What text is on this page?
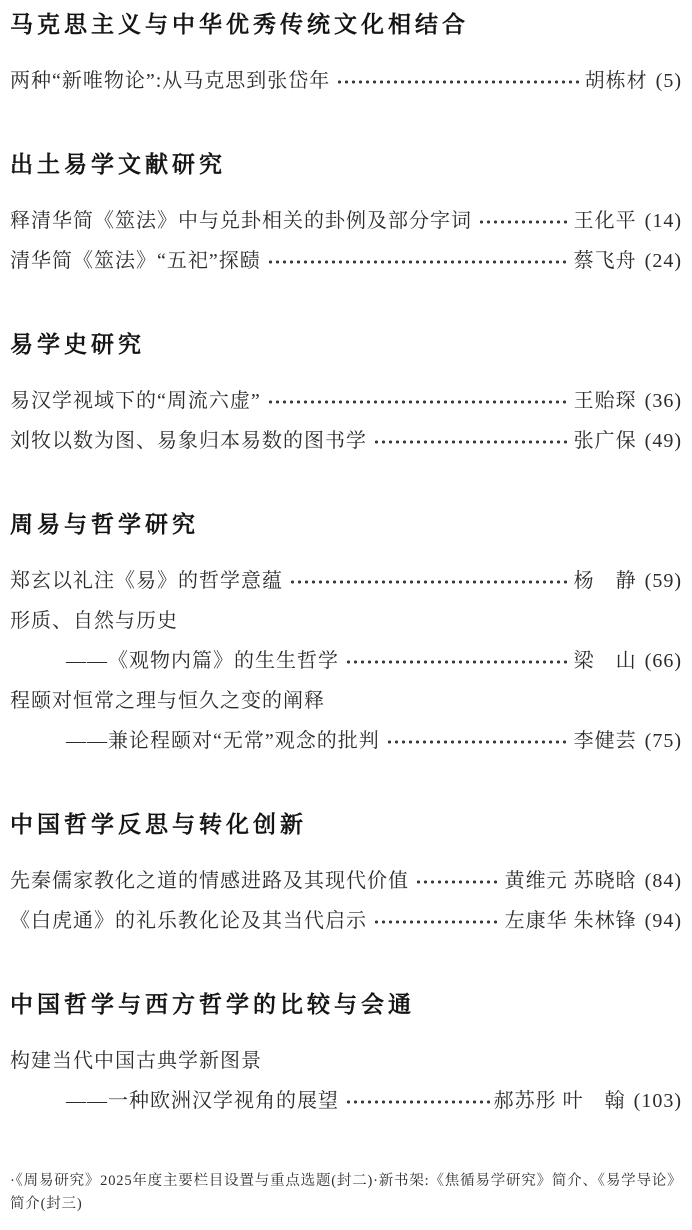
马克思主义与中华优秀传统文化相结合
两种“新唯物论”:从马克思到张岱年	胡栋材 (5)
出土易学文献研究
释清华简《筮法》中与兑卦相关的卦例及部分字词	王化平 (14)
清华简《筮法》“五祀”探赜	蔡飞舟 (24)
易学史研究
易汉学视域下的“周流六虚”	王贻琛 (36)
刘牧以数为图、易象归本易数的图书学	张广保 (49)
周易与哲学研究
郑玄以礼注《易》的哲学意蕴	杨　静 (59)
形质、自然与历史
——《观物内篇》的生生哲学	梁　山 (66)
程颐对恒常之理与恒久之变的阐释
——兼论程颐对“无常”观念的批判	李健芸 (75)
中国哲学反思与转化创新
先秦儒家教化之道的情感进路及其现代价值	黄维元 苏晓晗 (84)
《白虎通》的礼乐教化论及其当代启示	左康华 朱林锋 (94)
中国哲学与西方哲学的比较与会通
构建当代中国古典学新图景
——一种欧洲汉学视角的展望	郝苏彤 叶　翰 (103)
·《周易研究》2025年度主要栏目设置与重点选题(封二)·新书架:《焦循易学研究》简介、《易学导论》简介(封三)
